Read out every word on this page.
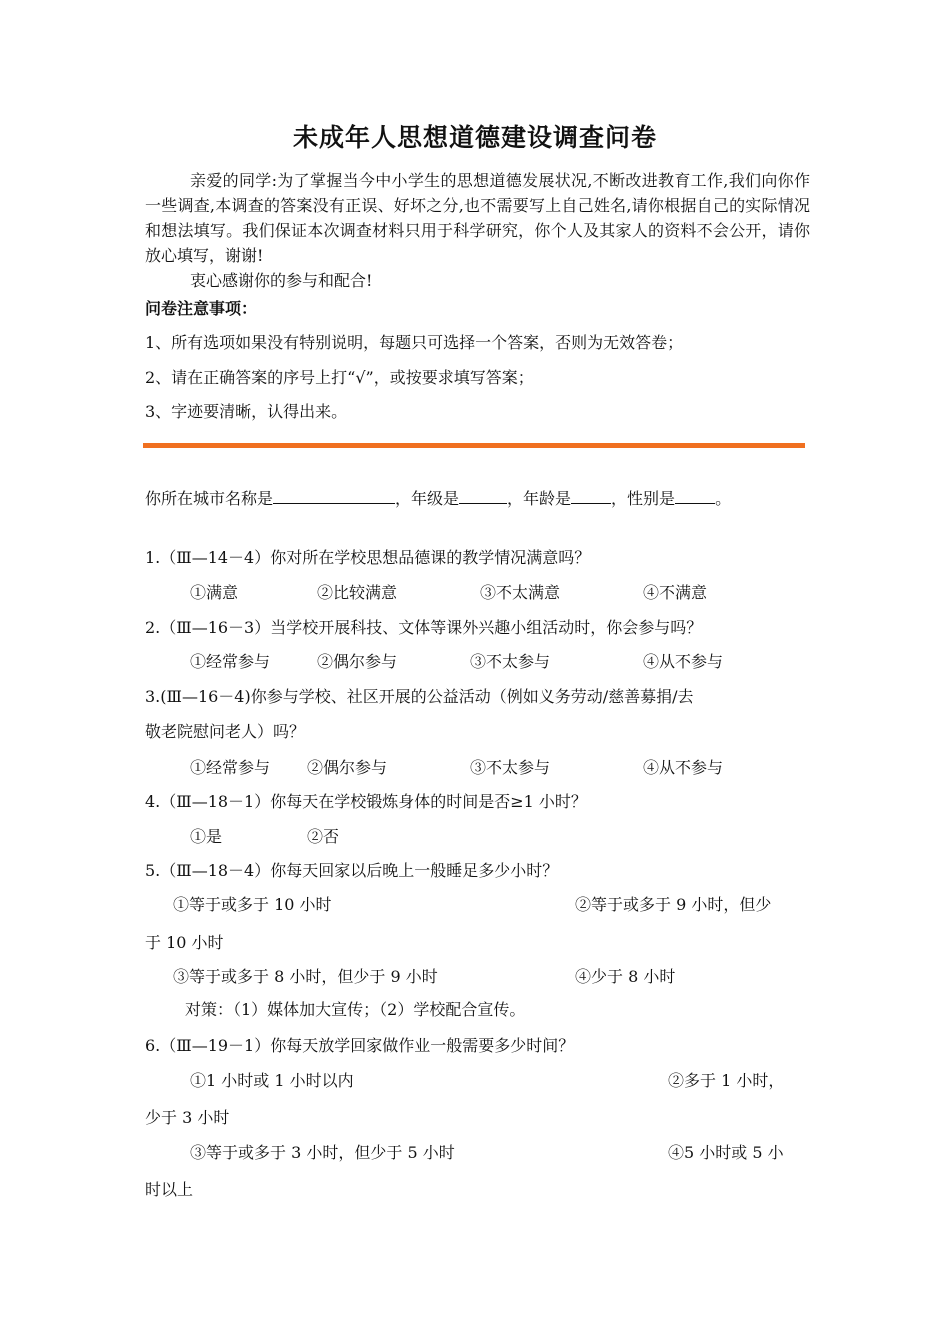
未成年人思想道德建设调查问卷

亲爱的同学:为了掌握当今中小学生的思想道德发展状况,不断改进教育工作,我们向你作一些调查,本调查的答案没有正误、好坏之分,也不需要写上自己姓名,请你根据自己的实际情况和想法填写。我们保证本次调查材料只用于科学研究，你个人及其家人的资料不会公开，请你放心填写，谢谢!

衷心感谢你的参与和配合!

问卷注意事项：
1、所有选项如果没有特别说明，每题只可选择一个答案，否则为无效答卷；
2、请在正确答案的序号上打“√”，或按要求填写答案；
3、字迹要清晰，认得出来。
你所在城市名称是	，年级是	，年龄是	，性别是	。
1.（Ⅲ—14－4）你对所在学校思想品德课的教学情况满意吗？
①满意	②比较满意	③不太满意	④不满意
2.（Ⅲ—16－3）当学校开展科技、文体等课外兴趣小组活动时，你会参与吗？
①经常参与	②偶尔参与	③不太参与	④从不参与
3.(Ⅲ—16－4)你参与学校、社区开展的公益活动（例如义务劳动/慈善募捐/去
敬老院慰问老人）吗？
①经常参与 ②偶尔参与	③不太参与	④从不参与
4.（Ⅲ—18－1）你每天在学校锻炼身体的时间是否≥1 小时？
①是	②否
5.（Ⅲ—18－4）你每天回家以后晚上一般睡足多少小时？
①等于或多于 10 小时	②等于或多于 9 小时，但少
于 10 小时
③等于或多于 8 小时，但少于 9 小时	④少于 8 小时
对策：（1）媒体加大宣传；（2）学校配合宣传。
6.（Ⅲ—19－1）你每天放学回家做作业一般需要多少时间？
①1 小时或 1 小时以内	②多于 1 小时，
少于 3 小时
③等于或多于 3 小时，但少于 5 小时	④5 小时或 5 小
时以上
